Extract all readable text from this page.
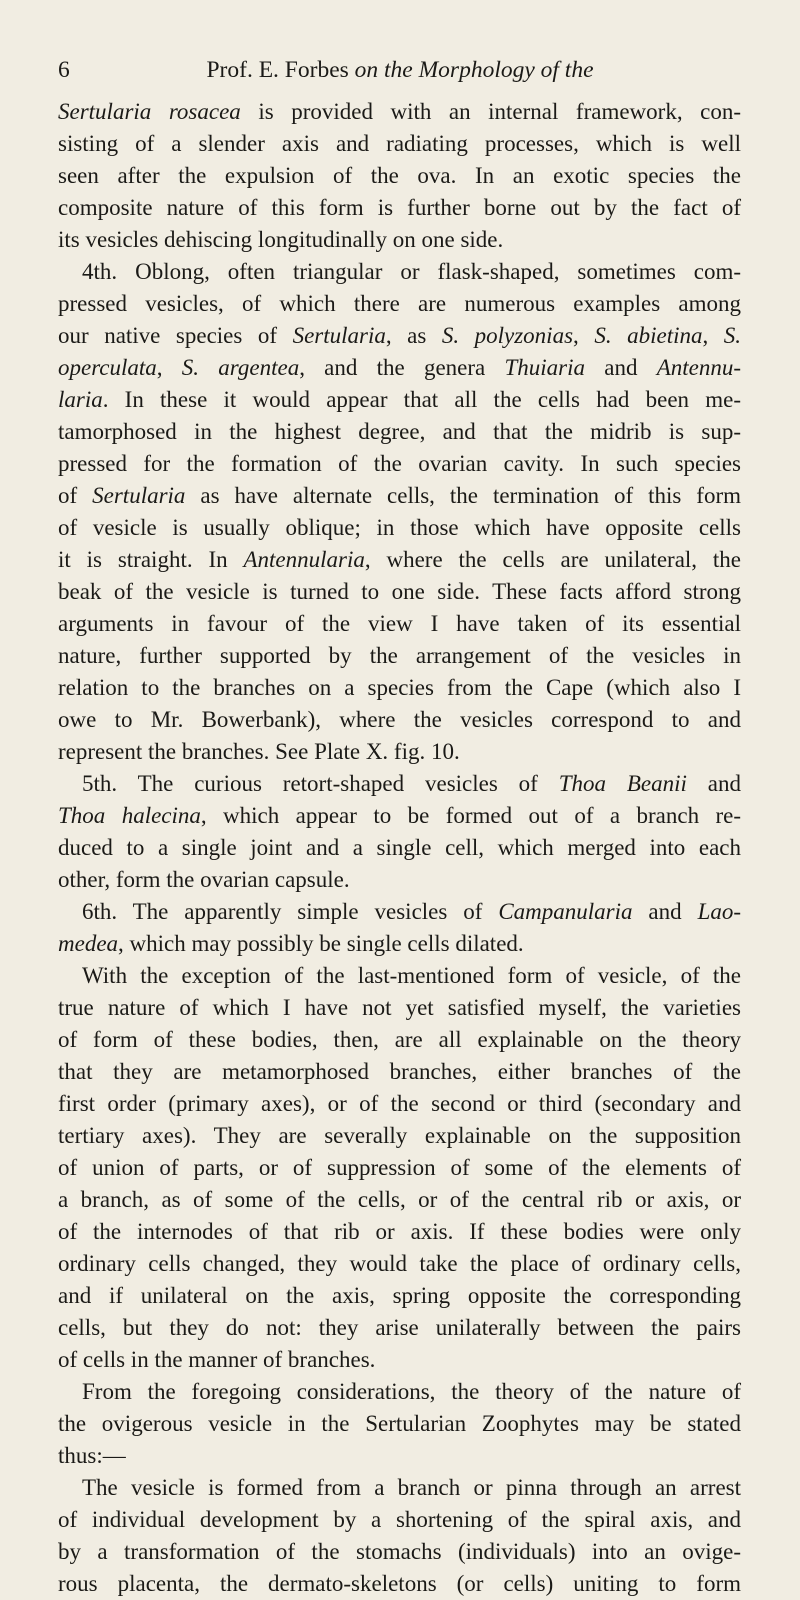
6	Prof. E. Forbes on the Morphology of the
Sertularia rosacea is provided with an internal framework, con-
sisting of a slender axis and radiating processes, which is well
seen after the expulsion of the ova. In an exotic species the
composite nature of this form is further borne out by the fact of
its vesicles dehiscing longitudinally on one side.
4th. Oblong, often triangular or flask-shaped, sometimes com-
pressed vesicles, of which there are numerous examples among
our native species of Sertularia, as S. polyzonias, S. abietina, S.
operculata, S. argentea, and the genera Thuiaria and Antennu-
laria. In these it would appear that all the cells had been me-
tamorphosed in the highest degree, and that the midrib is sup-
pressed for the formation of the ovarian cavity. In such species
of Sertularia as have alternate cells, the termination of this form
of vesicle is usually oblique; in those which have opposite cells
it is straight. In Antennularia, where the cells are unilateral, the
beak of the vesicle is turned to one side. These facts afford strong
arguments in favour of the view I have taken of its essential
nature, further supported by the arrangement of the vesicles in
relation to the branches on a species from the Cape (which also I
owe to Mr. Bowerbank), where the vesicles correspond to and
represent the branches. See Plate X. fig. 10.
5th. The curious retort-shaped vesicles of Thoa Beanii and
Thoa halecina, which appear to be formed out of a branch re-
duced to a single joint and a single cell, which merged into each
other, form the ovarian capsule.
6th. The apparently simple vesicles of Campanularia and Lao-
medea, which may possibly be single cells dilated.
With the exception of the last-mentioned form of vesicle, of the
true nature of which I have not yet satisfied myself, the varieties
of form of these bodies, then, are all explainable on the theory
that they are metamorphosed branches, either branches of the
first order (primary axes), or of the second or third (secondary and
tertiary axes). They are severally explainable on the supposition
of union of parts, or of suppression of some of the elements of
a branch, as of some of the cells, or of the central rib or axis, or
of the internodes of that rib or axis. If these bodies were only
ordinary cells changed, they would take the place of ordinary cells,
and if unilateral on the axis, spring opposite the corresponding
cells, but they do not: they arise unilaterally between the pairs
of cells in the manner of branches.
From the foregoing considerations, the theory of the nature of
the ovigerous vesicle in the Sertularian Zoophytes may be stated
thus:—
The vesicle is formed from a branch or pinna through an arrest
of individual development by a shortening of the spiral axis, and
by a transformation of the stomachs (individuals) into an ovige-
rous placenta, the dermato-skeletons (or cells) uniting to form
